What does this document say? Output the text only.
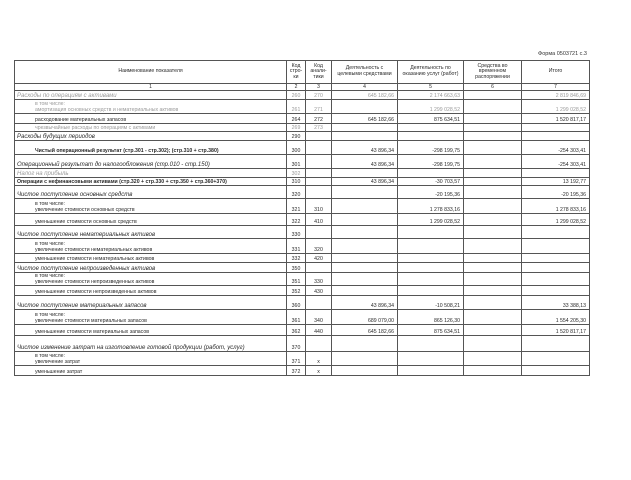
Форма 0503721 с.3
Наименование показателя	Код стро-ки	Код анали-тики	Деятельность с целевыми средствами	Деятельность по оказанию услуг (работ)	Средства во временном распоряжении	Итого
1	2	3	4	5	6	7

Расходы по операциям с активами	260	270	645 182,66	2 174 663,63		2 819 846,69

в том числе:
амортизация основных средств и нематериальных активов	261	271		1 299 028,52		1 299 028,52

расходование материальных запасов	264	272	645 182,66	875 634,51		1 520 817,17

чрезвычайные расходы по операциям с активами	269	273				

Расходы будущих периодов	290					

Чистый операционный результат (стр.301 - стр.302); (стр.310 + стр.380)	300		43 896,34	-298 199,75		-254 303,41

Операционный результат до налогообложения (стр.010 - стр.150)	301		43 896,34	-298 199,75		-254 303,41

Налог на прибыль	302					

Операции с нефинансовыми активами (стр.320 + стр.330 + стр.350 + стр.360+370)	310		43 896,34	-30 703,57		13 192,77

Чистое поступление основных средств	320			-20 195,36		-20 195,36

в том числе:
увеличение стоимости основных средств	321	310		1 278 833,16		1 278 833,16

уменьшение стоимости основных средств	322	410		1 299 028,52		1 299 028,52

Чистое поступление нематериальных активов	330					

в том числе:
увеличение стоимости нематериальных активов	331	320				

уменьшение стоимости нематериальных активов	332	420				

Чистое поступление непроизведенных активов	350					

в том числе:
увеличение стоимости непроизведенных активов	351	330				

уменьшение стоимости непроизведенных активов	352	430				

Чистое поступление материальных запасов	360		43 896,34	-10 508,21		33 388,13

в том числе:
увеличение стоимости материальных запасов	361	340	689 079,00	865 126,30		1 554 205,30

уменьшение стоимости материальных запасов	362	440	645 182,66	875 634,51		1 520 817,17

Чистое изменение затрат на изготовление готовой продукции (работ, услуг)	370					

в том числе:
увеличение затрат	371	x				

уменьшение затрат	372	x				
